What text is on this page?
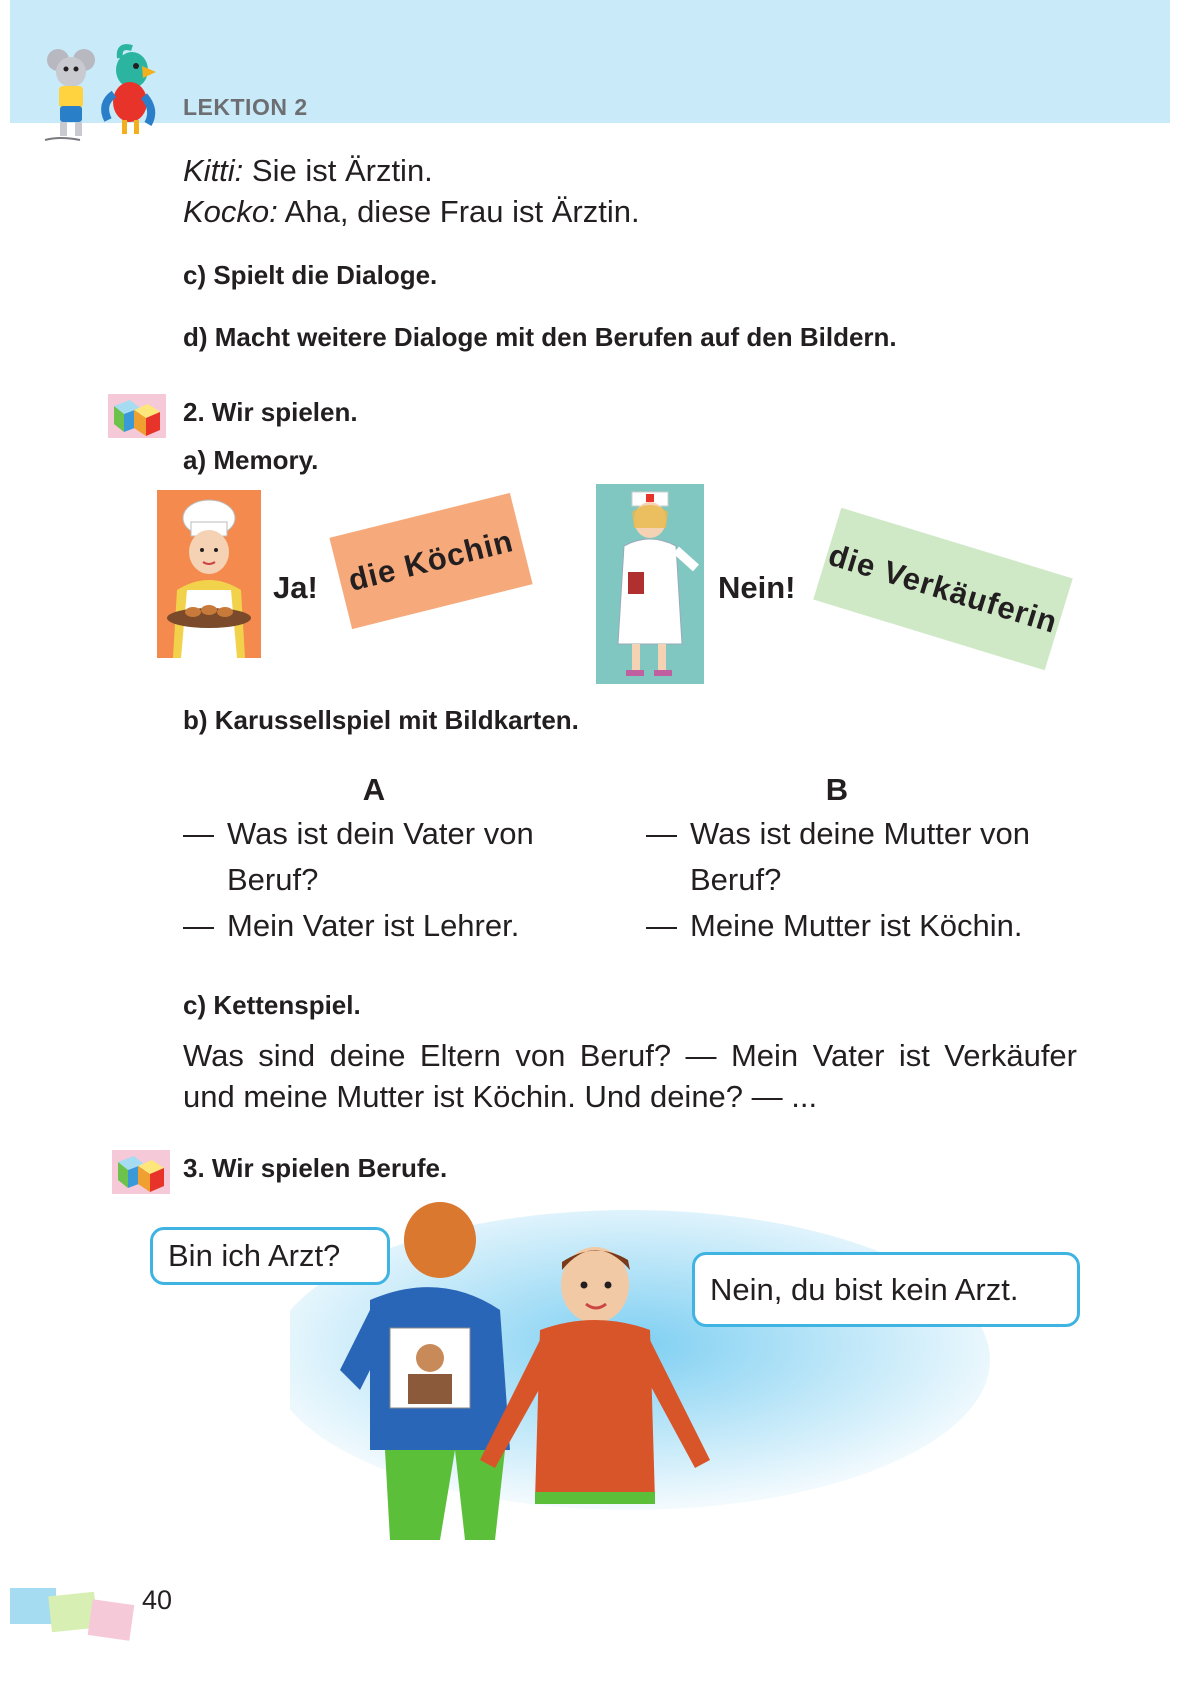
LEKTION 2
Kitti: Sie ist Ärztin.
Kocko: Aha, diese Frau ist Ärztin.
c) Spielt die Dialoge.
d) Macht weitere Dialoge mit den Berufen auf den Bildern.
2. Wir spielen.
a) Memory.
Ja! die Köchin	Nein! die Verkäuferin
b) Karussellspiel mit Bildkarten.
A	B
— Was ist dein Vater von
Beruf?
— Mein Vater ist Lehrer.
— Was ist deine Mutter von
Beruf?
— Meine Mutter ist Köchin.
c) Kettenspiel.
Was sind deine Eltern von Beruf? — Mein Vater ist Verkäufer und meine Mutter ist Köchin. Und deine? — ...
3. Wir spielen Berufe.
Bin ich Arzt?
Nein, du bist kein Arzt.
40
